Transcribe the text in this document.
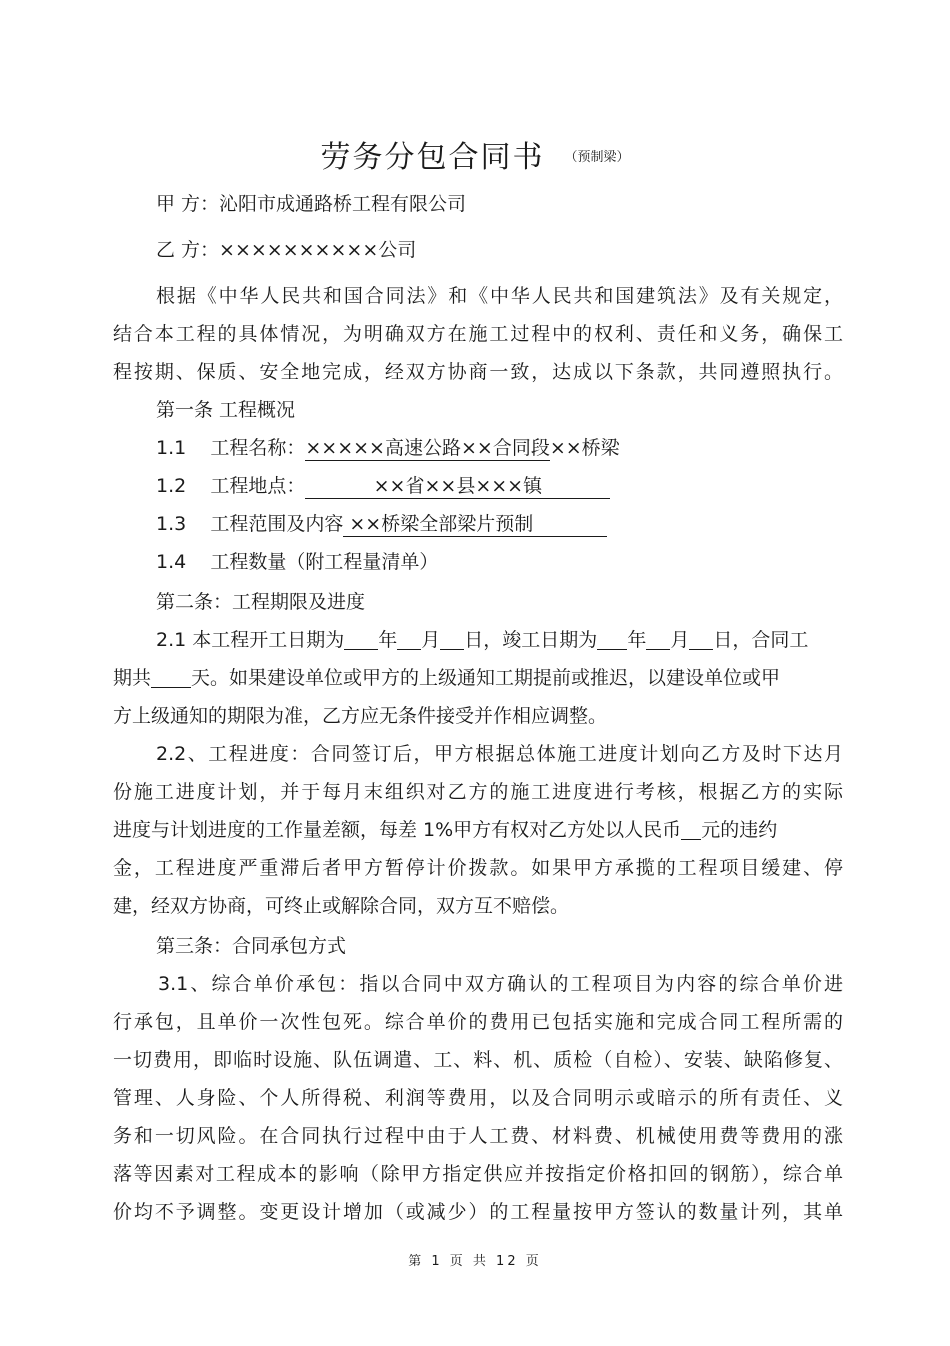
劳务分包合同书 $^{(预制梁)}$
甲 方：沁阳市成通路桥工程有限公司
乙 方：××××××××××公司
根据《中华人民共和国合同法》和《中华人民共和国建筑法》及有关规定，
结合本工程的具体情况，为明确双方在施工过程中的权利、责任和义务，确保工
程按期、保质、安全地完成，经双方协商一致，达成以下条款，共同遵照执行。
第一条 工程概况
1.1    工程名称：×××××高速公路××合同段××桥梁
1.2    工程地点：	××省××县×××镇
1.3    工程范围及内容 ××桥梁全部梁片预制
1.4    工程数量（附工程量清单）
第二条：工程期限及进度
2.1 本工程开工日期为 年 月 日，竣工日期为 年 月 日，合同工
期共 天。如果建设单位或甲方的上级通知工期提前或推迟，以建设单位或甲
方上级通知的期限为准，乙方应无条件接受并作相应调整。
2.2、工程进度：合同签订后，甲方根据总体施工进度计划向乙方及时下达月
份施工进度计划，并于每月末组织对乙方的施工进度进行考核，根据乙方的实际
进度与计划进度的工作量差额，每差 1%甲方有权对乙方处以人民币 元的违约
金，工程进度严重滞后者甲方暂停计价拨款。如果甲方承揽的工程项目缓建、停
建，经双方协商，可终止或解除合同，双方互不赔偿。
第三条：合同承包方式
3.1、综合单价承包：指以合同中双方确认的工程项目为内容的综合单价进
行承包，且单价一次性包死。综合单价的费用已包括实施和完成合同工程所需的
一切费用，即临时设施、队伍调遣、工、料、机、质检（自检）、安装、缺陷修复、
管理、人身险、个人所得税、利润等费用，以及合同明示或暗示的所有责任、义
务和一切风险。在合同执行过程中由于人工费、材料费、机械使用费等费用的涨
落等因素对工程成本的影响（除甲方指定供应并按指定价格扣回的钢筋），综合单
价均不予调整。变更设计增加（或减少）的工程量按甲方签认的数量计列，其单
第 1 页 共 12 页
